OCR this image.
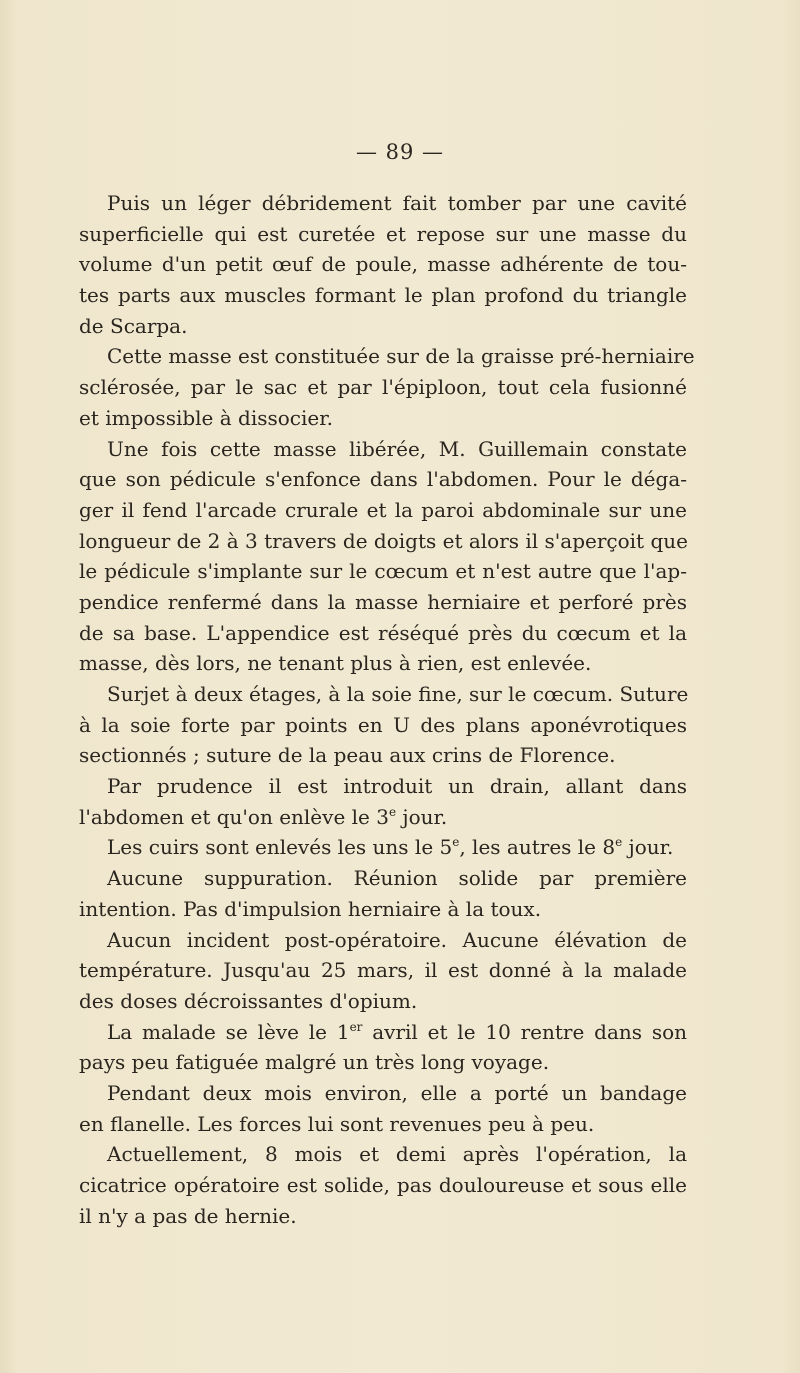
— 89 —
Puis un léger débridement fait tomber par une cavité
superficielle qui est curetée et repose sur une masse du
volume d'un petit œuf de poule, masse adhérente de tou-
tes parts aux muscles formant le plan profond du triangle
de Scarpa.
Cette masse est constituée sur de la graisse pré-herniaire
sclérosée, par le sac et par l'épiploon, tout cela fusionné
et impossible à dissocier.
Une fois cette masse libérée, M. Guillemain constate
que son pédicule s'enfonce dans l'abdomen. Pour le déga-
ger il fend l'arcade crurale et la paroi abdominale sur une
longueur de 2 à 3 travers de doigts et alors il s'aperçoit que
le pédicule s'implante sur le cœcum et n'est autre que l'ap-
pendice renfermé dans la masse herniaire et perforé près
de sa base. L'appendice est réséqué près du cœcum et la
masse, dès lors, ne tenant plus à rien, est enlevée.
Surjet à deux étages, à la soie fine, sur le cœcum. Suture
à la soie forte par points en U des plans aponévrotiques
sectionnés ; suture de la peau aux crins de Florence.
Par prudence il est introduit un drain, allant dans
l'abdomen et qu'on enlève le 3e jour.
Les cuirs sont enlevés les uns le 5e, les autres le 8e jour.
Aucune suppuration. Réunion solide par première
intention. Pas d'impulsion herniaire à la toux.
Aucun incident post-opératoire. Aucune élévation de
température. Jusqu'au 25 mars, il est donné à la malade
des doses décroissantes d'opium.
La malade se lève le 1er avril et le 10 rentre dans son
pays peu fatiguée malgré un très long voyage.
Pendant deux mois environ, elle a porté un bandage
en flanelle. Les forces lui sont revenues peu à peu.
Actuellement, 8 mois et demi après l'opération, la
cicatrice opératoire est solide, pas douloureuse et sous elle
il n'y a pas de hernie.
